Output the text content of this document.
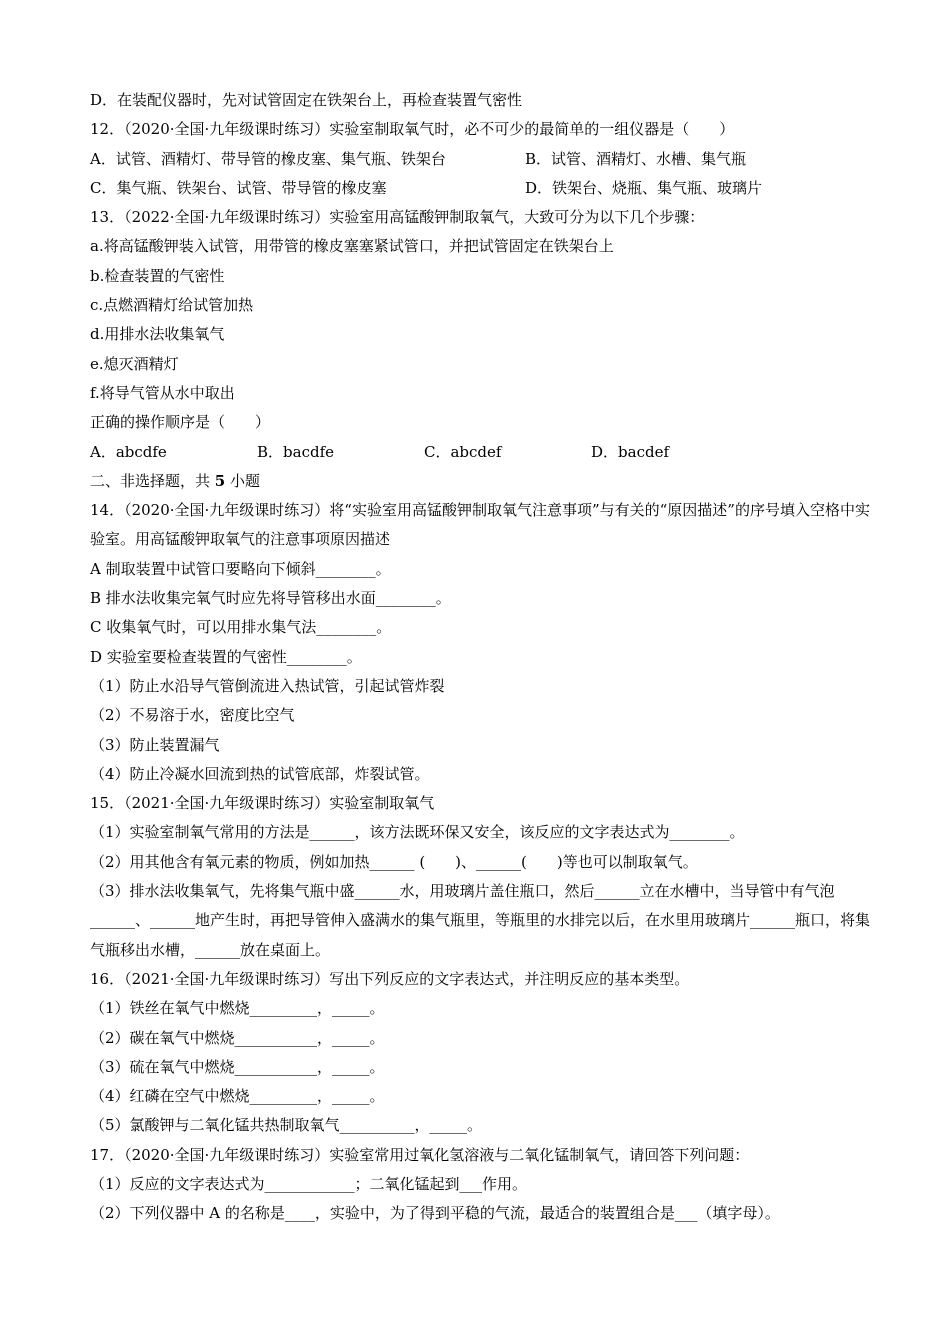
D．在装配仪器时，先对试管固定在铁架台上，再检查装置气密性
12．（2020·全国·九年级课时练习）实验室制取氧气时，必不可少的最简单的一组仪器是（　　）
A．试管、酒精灯、带导管的橡皮塞、集气瓶、铁架台	B．试管、酒精灯、水槽、集气瓶
C．集气瓶、铁架台、试管、带导管的橡皮塞	D．铁架台、烧瓶、集气瓶、玻璃片
13．（2022·全国·九年级课时练习）实验室用高锰酸钾制取氧气，大致可分为以下几个步骤：
a.将高锰酸钾装入试管，用带管的橡皮塞塞紧试管口，并把试管固定在铁架台上
b.检查装置的气密性
c.点燃酒精灯给试管加热
d.用排水法收集氧气
e.熄灭酒精灯
f.将导气管从水中取出
正确的操作顺序是（　　）
A．abcdfe	B．bacdfe	C．abcdef	D．bacdef
二、非选择题，共 5 小题
14．（2020·全国·九年级课时练习）将“实验室用高锰酸钾制取氧气注意事项”与有关的“原因描述”的序号填入空格中实验室。用高锰酸钾取氧气的注意事项原因描述
A 制取装置中试管口要略向下倾斜________。
B 排水法收集完氧气时应先将导管移出水面________。
C 收集氧气时，可以用排水集气法________。
D 实验室要检查装置的气密性________。
（1）防止水沿导气管倒流进入热试管，引起试管炸裂
（2）不易溶于水，密度比空气
（3）防止装置漏气
（4）防止冷凝水回流到热的试管底部，炸裂试管。
15．（2021·全国·九年级课时练习）实验室制取氧气
（1）实验室制氧气常用的方法是______，该方法既环保又安全，该反应的文字表达式为________。
（2）用其他含有氧元素的物质，例如加热______ (　　)、______(　　)等也可以制取氧气。
（3）排水法收集氧气，先将集气瓶中盛______水，用玻璃片盖住瓶口，然后______立在水槽中，当导管中有气泡______、______地产生时，再把导管伸入盛满水的集气瓶里，等瓶里的水排完以后，在水里用玻璃片______瓶口，将集气瓶移出水槽，______放在桌面上。
16．（2021·全国·九年级课时练习）写出下列反应的文字表达式，并注明反应的基本类型。
（1）铁丝在氧气中燃烧_________，_____。
（2）碳在氧气中燃烧___________，_____。
（3）硫在氧气中燃烧___________，_____。
（4）红磷在空气中燃烧_________，_____。
（5）氯酸钾与二氧化锰共热制取氧气__________，_____。
17．（2020·全国·九年级课时练习）实验室常用过氧化氢溶液与二氧化锰制氧气，请回答下列问题：
（1）反应的文字表达式为____________；二氧化锰起到___作用。
（2）下列仪器中 A 的名称是____，实验中，为了得到平稳的气流，最适合的装置组合是___（填字母）。
